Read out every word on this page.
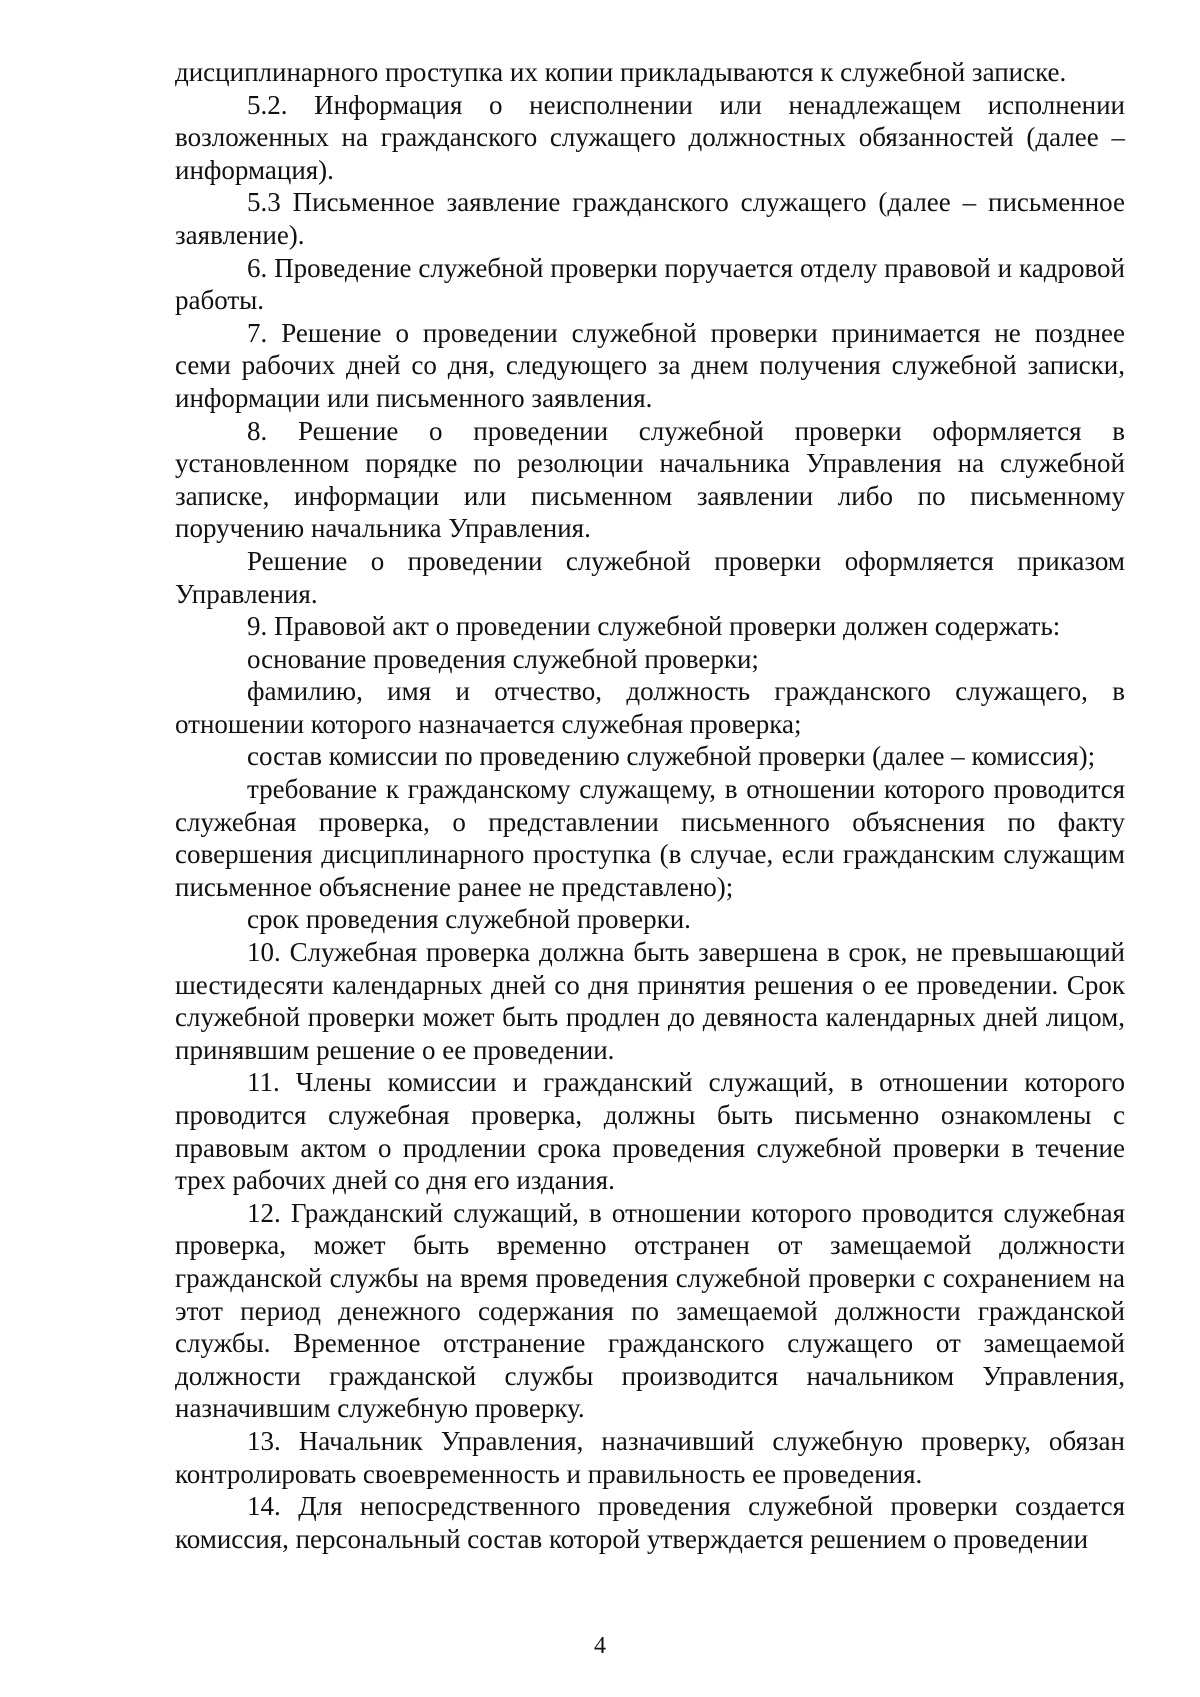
дисциплинарного проступка их копии прикладываются к служебной записке.

5.2. Информация о неисполнении или ненадлежащем исполнении возложенных на гражданского служащего должностных обязанностей (далее – информация).

5.3 Письменное заявление гражданского служащего (далее – письменное заявление).

6. Проведение служебной проверки поручается отделу правовой и кадровой работы.

7. Решение о проведении служебной проверки принимается не позднее семи рабочих дней со дня, следующего за днем получения служебной записки, информации или письменного заявления.

8. Решение о проведении служебной проверки оформляется в установленном порядке по резолюции начальника Управления на служебной записке, информации или письменном заявлении либо по письменному поручению начальника Управления.

Решение о проведении служебной проверки оформляется приказом Управления.

9. Правовой акт о проведении служебной проверки должен содержать:

основание проведения служебной проверки;

фамилию, имя и отчество, должность гражданского служащего, в отношении которого назначается служебная проверка;

состав комиссии по проведению служебной проверки (далее – комиссия);

требование к гражданскому служащему, в отношении которого проводится служебная проверка, о представлении письменного объяснения по факту совершения дисциплинарного проступка (в случае, если гражданским служащим письменное объяснение ранее не представлено);

срок проведения служебной проверки.

10. Служебная проверка должна быть завершена в срок, не превышающий шестидесяти календарных дней со дня принятия решения о ее проведении. Срок служебной проверки может быть продлен до девяноста календарных дней лицом, принявшим решение о ее проведении.

11. Члены комиссии и гражданский служащий, в отношении которого проводится служебная проверка, должны быть письменно ознакомлены с правовым актом о продлении срока проведения служебной проверки в течение трех рабочих дней со дня его издания.

12. Гражданский служащий, в отношении которого проводится служебная проверка, может быть временно отстранен от замещаемой должности гражданской службы на время проведения служебной проверки с сохранением на этот период денежного содержания по замещаемой должности гражданской службы. Временное отстранение гражданского служащего от замещаемой должности гражданской службы производится начальником Управления, назначившим служебную проверку.

13. Начальник Управления, назначивший служебную проверку, обязан контролировать своевременность и правильность ее проведения.

14. Для непосредственного проведения служебной проверки создается комиссия, персональный состав которой утверждается решением о проведении

4
